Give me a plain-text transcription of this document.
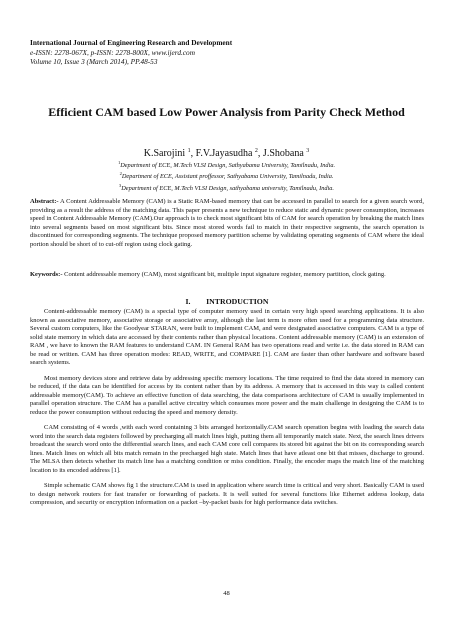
International Journal of Engineering Research and Development
e-ISSN: 2278-067X, p-ISSN: 2278-800X, www.ijerd.com
Volume 10, Issue 3 (March 2014), PP.48-53
Efficient CAM based Low Power Analysis from Parity Check Method
K.Sarojini $^1$, F.V.Jayasudha $^2$, J.Shobana $^3$
$^1$Department of ECE, M.Tech VLSI Design, Sathyabama University, Tamilnadu, India.
$^2$Department of ECE, Assistant proffessor, Sathyabama University, Tamilnadu, India.
$^3$Department of ECE, M.Tech VLSI Design, sathyabama university, Tamilnadu, India.
Abstract:- A Content Addressable Memory (CAM) is a Static RAM-based memory that can be accessed in parallel to search for a given search word, providing as a result the address of the matching data. This paper presents a new technique to reduce static and dynamic power consumption, increases speed in Content Addressable Memory (CAM).Our approach is to check most significant bits of CAM for search operation by breaking the match lines into several segments based on most significant bits. Since most stored words fail to match in their respective segments, the search operation is discontinued for corresponding segments. The technique proposed memory partition scheme by validating operating segments of CAM where the ideal portion should be short of to cut-off region using clock gating.
Keywords:- Content addressable memory (CAM), most significant bit, multiple input signature register, memory partition, clock gating.
I. INTRODUCTION

Content-addressable memory (CAM) is a special type of computer memory used in certain very high speed searching applications. It is also known as associative memory, associative storage or associative array, although the last term is more often used for a programming data structure. Several custom computers, like the Goodyear STARAN, were built to implement CAM, and were designated associative computers. CAM is a type of solid state memory in which data are accessed by their contents rather than physical locations. Content addressable memory (CAM) is an extension of RAM , we have to known the RAM features to understand CAM. IN General RAM has two operations read and write i.e. the data stored in RAM can be read or written. CAM has three operation modes: READ, WRITE, and COMPARE [1]. CAM are faster than other hardware and software based search systems.

Most memory devices store and retrieve data by addressing specific memory locations. The time required to find the data stored in memory can be reduced, if the data can be identified for access by its content rather than by its address. A memory that is accessed in this way is called content addressable memory(CAM). To achieve an effective function of data searching, the data comparisons architecture of CAM is usually implemented in parallel operation structure. The CAM has a parallel active circuitry which consumes more power and the main challenge in designing the CAM is to reduce the power consumption without reducing the speed and memory density.

CAM consisting of 4 words ,with each word containing 3 bits arranged horizontally.CAM search operation begins with loading the search data word into the search data registers followed by precharging all match lines high, putting them all temporarily match state. Next, the search lines drivers broadcast the search word onto the differential search lines, and each CAM core cell compares its stored bit against the bit on its corresponding search lines. Match lines on which all bits match remain in the precharged high state. Match lines that have atleast one bit that misses, discharge to ground. The MLSA then detects whether its match line has a matching condition or miss condition. Finally, the encoder maps the match line of the matching location to its encoded address [1].

Simple schematic CAM shows fig 1 the structure.CAM is used in application where search time is critical and very short. Basically CAM is used to design network routers for fast transfer or forwarding of packets. It is well suited for several functions like Ethernet address lookup, data compression, and security or encryption information on a packet –by-packet basis for high performance data switches.

48
